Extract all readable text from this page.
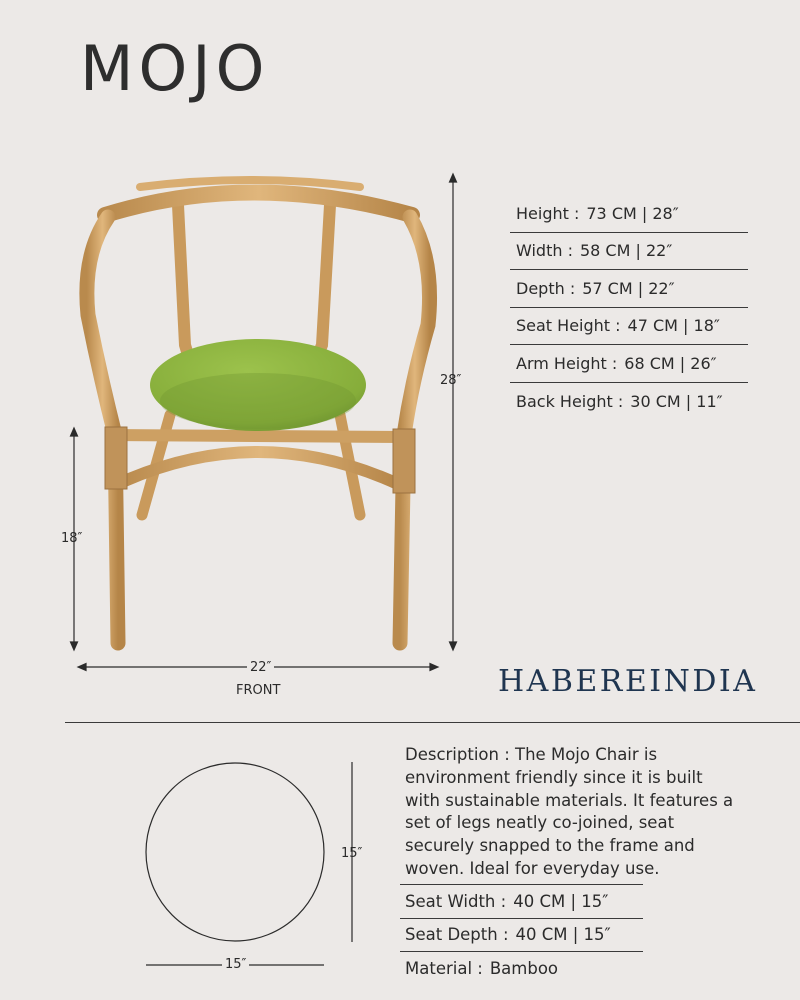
MOJO
28″
18″
22″
FRONT
Height : 73 CM | 28″
Width : 58 CM | 22″
Depth : 57 CM | 22″
Seat Height : 47 CM | 18″
Arm Height : 68 CM | 26″
Back Height : 30 CM | 11″
HABEREINDIA
15″
15″
Description : The Mojo Chair is environment friendly since it is built with sustainable materials. It features a set of legs neatly co-joined, seat securely snapped to the frame and woven. Ideal for everyday use.
Seat Width : 40 CM | 15″
Seat Depth : 40 CM | 15″
Material : Bamboo
